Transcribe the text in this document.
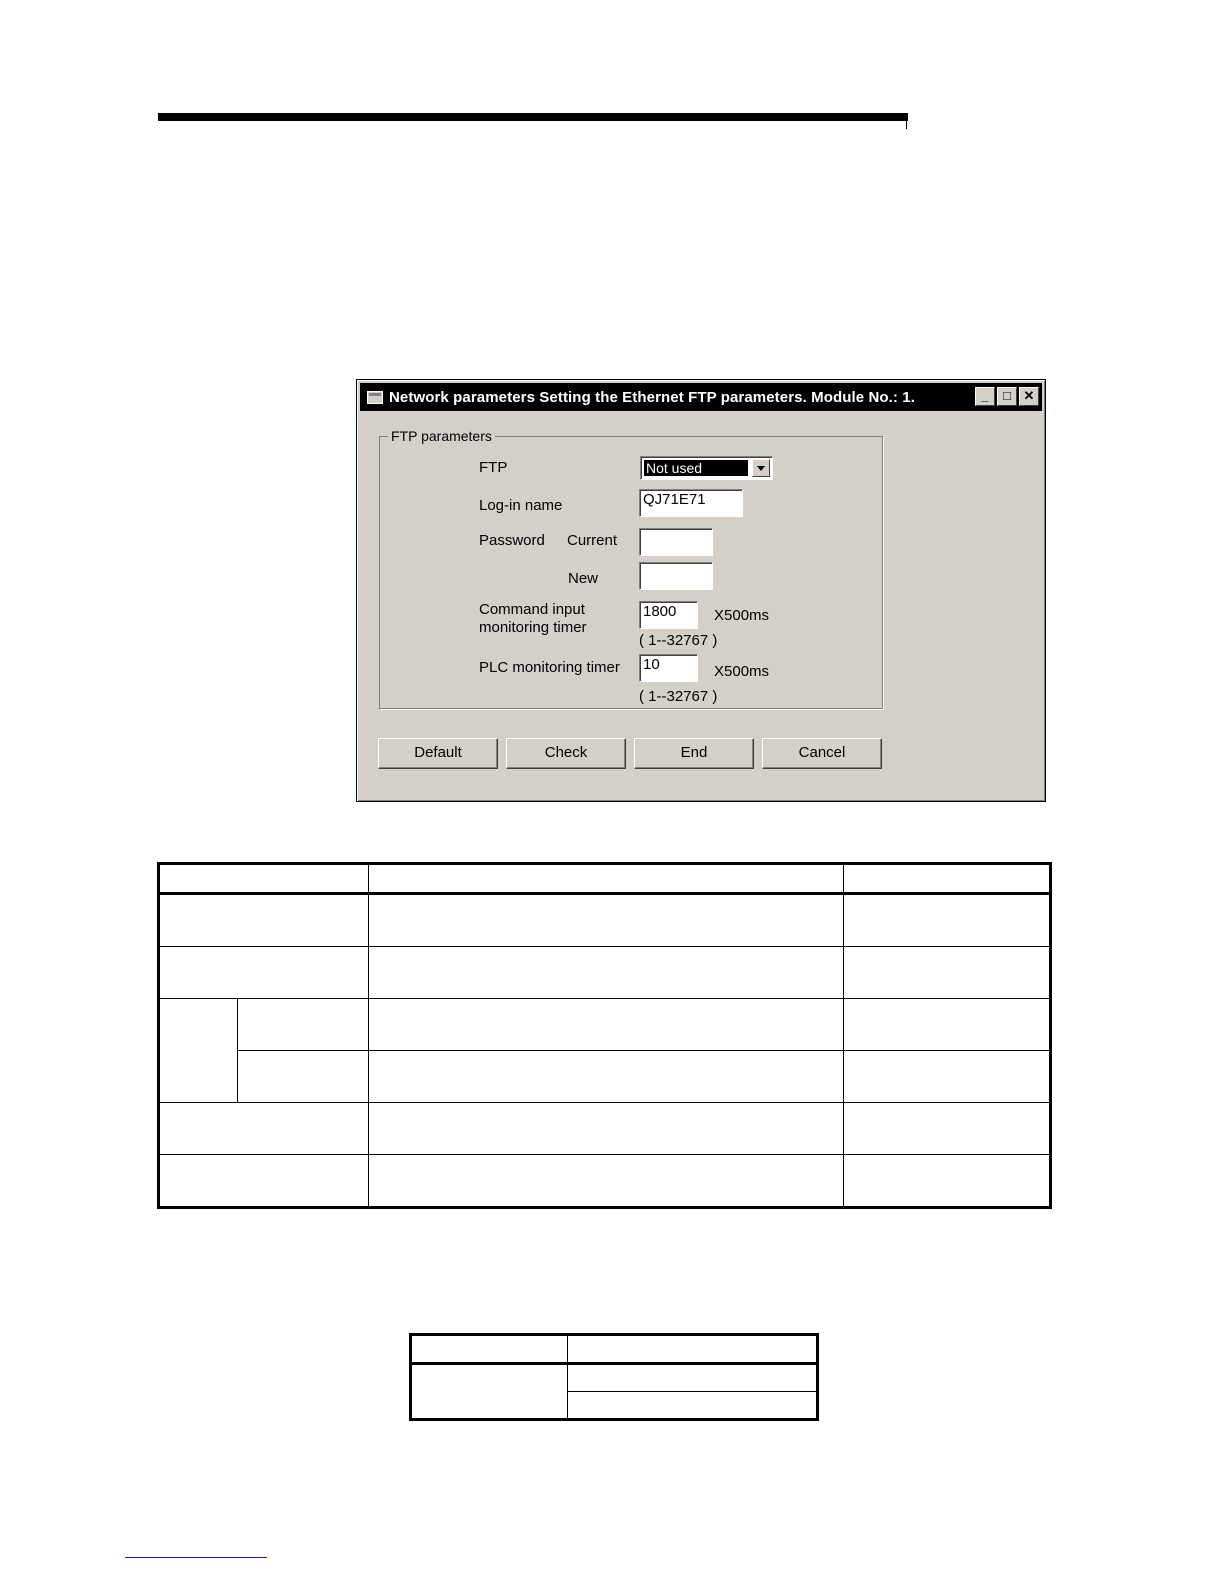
Network parameters Setting the Ethernet FTP parameters. Module No.: 1.	_	□ ✕
FTP parameters
FTP	Not used
Log-in name	QJ71E71
Password Current
New
Command input
monitoring timer
1800	X500ms
( 1--32767 )
PLC monitoring timer 10	X500ms
( 1--32767 )
Default	Check	End	Cancel
